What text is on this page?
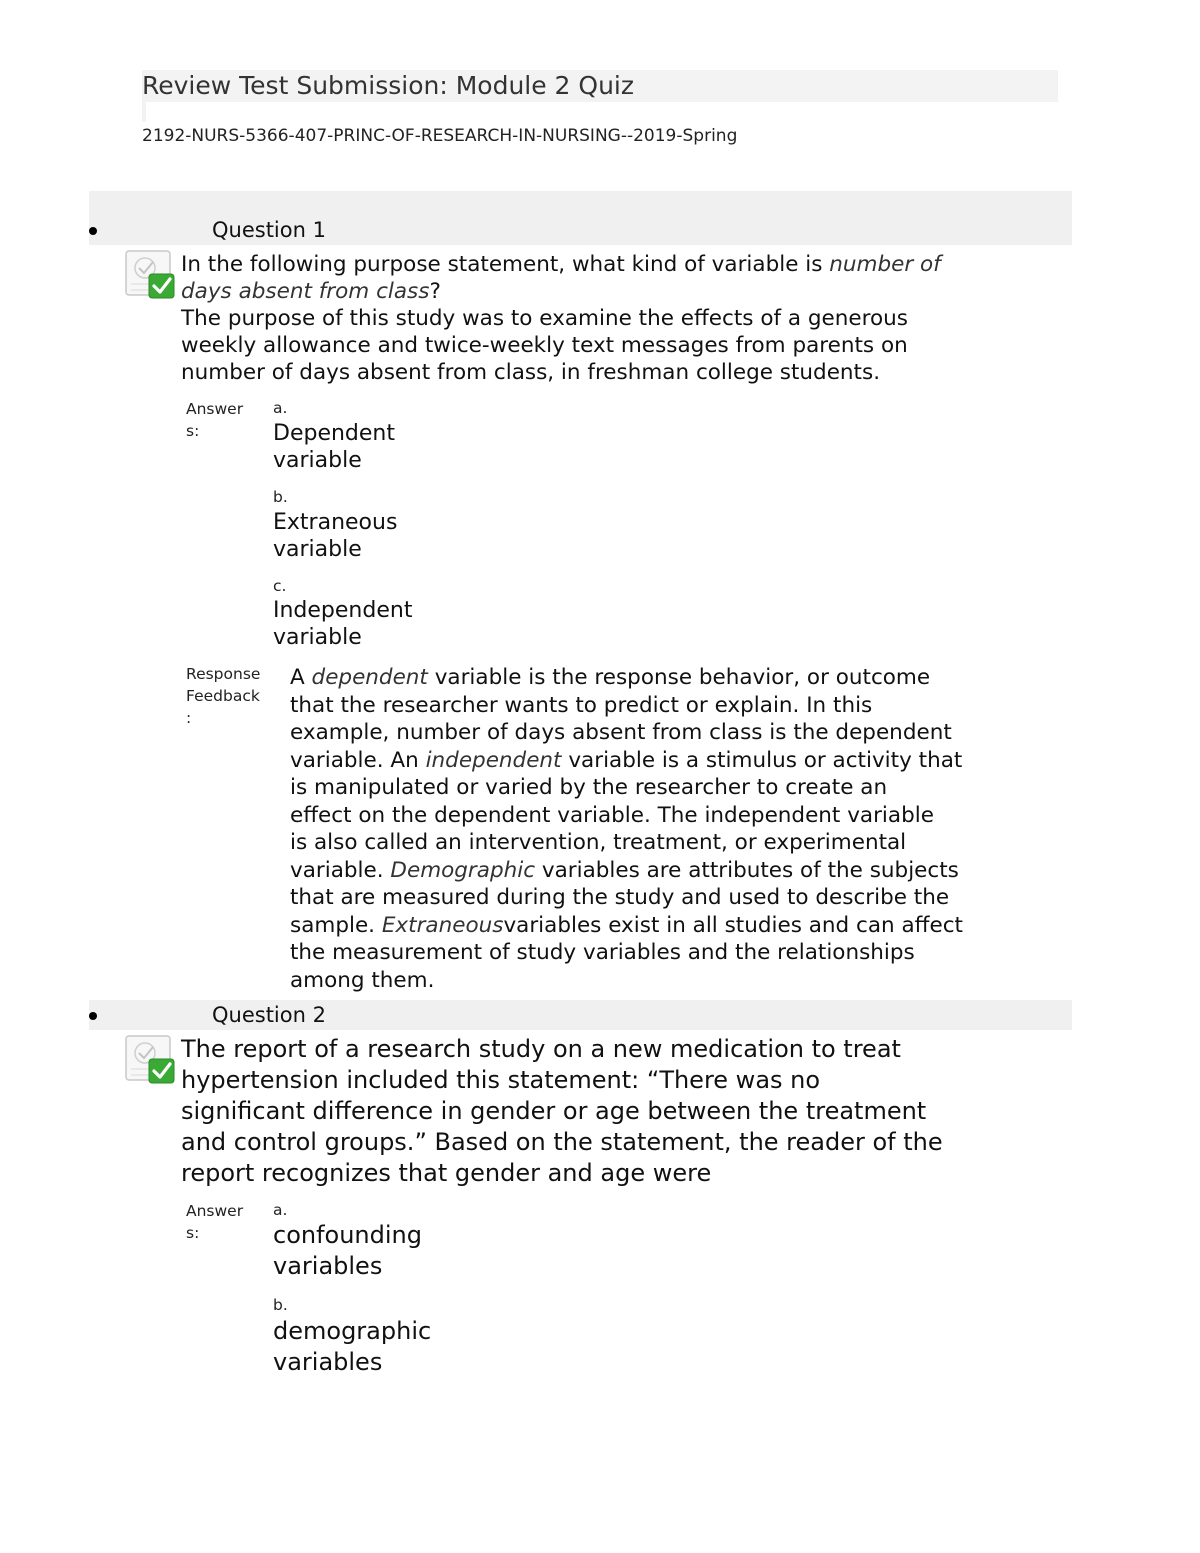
Review Test Submission: Module 2 Quiz
2192-NURS-5366-407-PRINC-OF-RESEARCH-IN-NURSING--2019-Spring
Question 1
In the following purpose statement, what kind of variable is number of
days absent from class?
The purpose of this study was to examine the effects of a generous
weekly allowance and twice-weekly text messages from parents on
number of days absent from class, in freshman college students.
Answer
s:
a.
Dependent
variable
b.
Extraneous
variable
c.
Independent
variable
Response
Feedback
:
A dependent variable is the response behavior, or outcome
that the researcher wants to predict or explain. In this
example, number of days absent from class is the dependent
variable. An independent variable is a stimulus or activity that
is manipulated or varied by the researcher to create an
effect on the dependent variable. The independent variable
is also called an intervention, treatment, or experimental
variable. Demographic variables are attributes of the subjects
that are measured during the study and used to describe the
sample. Extraneousvariables exist in all studies and can affect
the measurement of study variables and the relationships
among them.
Question 2
The report of a research study on a new medication to treat
hypertension included this statement: “There was no
significant difference in gender or age between the treatment
and control groups.” Based on the statement, the reader of the
report recognizes that gender and age were
Answer
s:
a.
confounding
variables
b.
demographic
variables
